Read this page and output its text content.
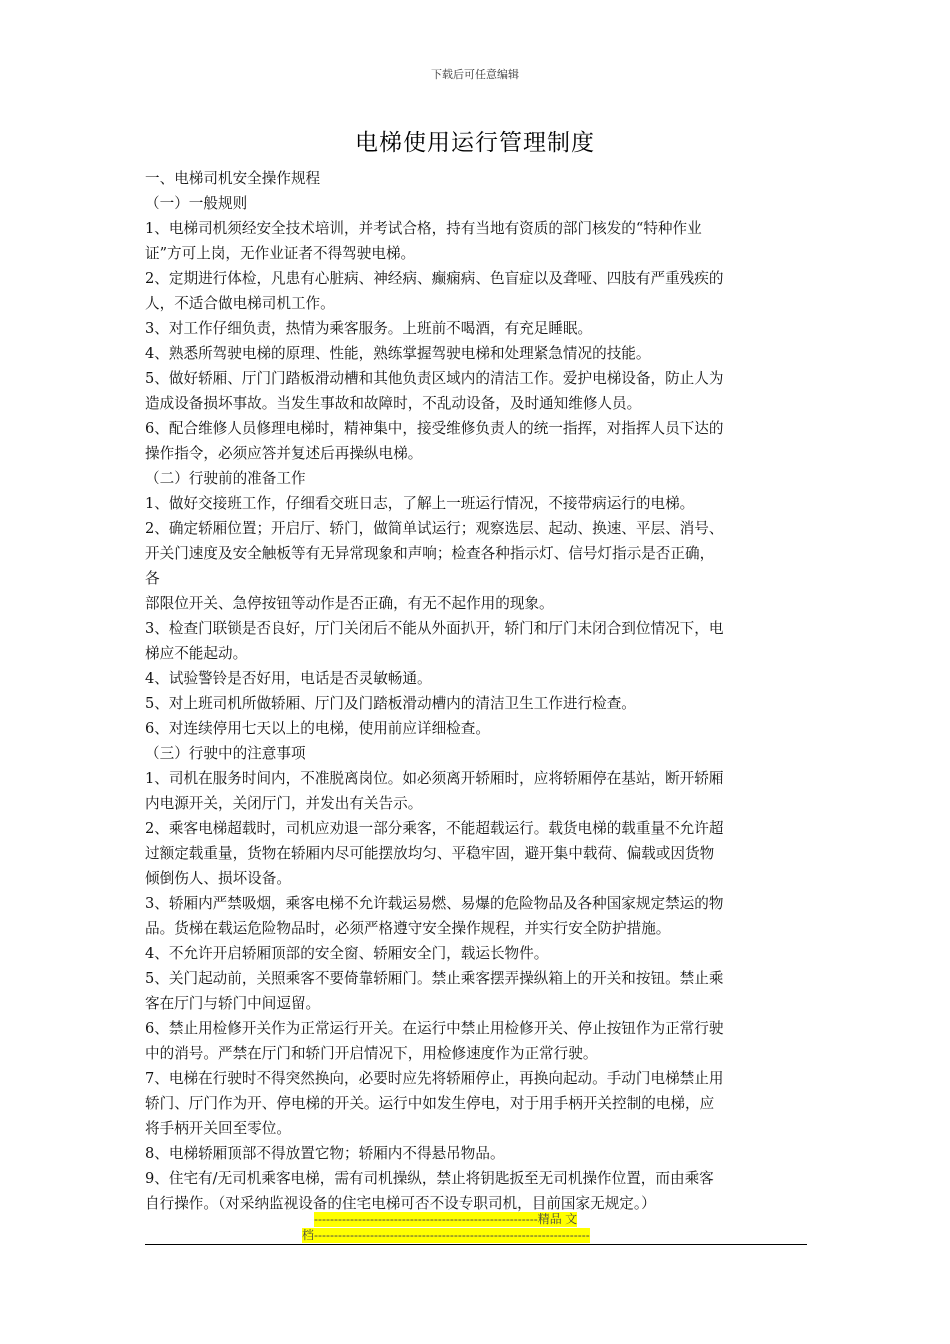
下载后可任意编辑
电梯使用运行管理制度
一、电梯司机安全操作规程
（一）一般规则
1、电梯司机须经安全技术培训，并考试合格，持有当地有资质的部门核发的“特种作业
证”方可上岗，无作业证者不得驾驶电梯。
2、定期进行体检，凡患有心脏病、神经病、癫痫病、色盲症以及聋哑、四肢有严重残疾的
人，不适合做电梯司机工作。
3、对工作仔细负责，热情为乘客服务。上班前不喝酒，有充足睡眠。
4、熟悉所驾驶电梯的原理、性能，熟练掌握驾驶电梯和处理紧急情况的技能。
5、做好轿厢、厅门门踏板滑动槽和其他负责区域内的清洁工作。爱护电梯设备，防止人为
造成设备损坏事故。当发生事故和故障时，不乱动设备，及时通知维修人员。
6、配合维修人员修理电梯时，精神集中，接受维修负责人的统一指挥，对指挥人员下达的
操作指令，必须应答并复述后再操纵电梯。
（二）行驶前的准备工作
1、做好交接班工作，仔细看交班日志，了解上一班运行情况，不接带病运行的电梯。
2、确定轿厢位置；开启厅、轿门，做简单试运行；观察选层、起动、换速、平层、消号、
开关门速度及安全触板等有无异常现象和声响；检查各种指示灯、信号灯指示是否正确，
各
部限位开关、急停按钮等动作是否正确，有无不起作用的现象。
3、检查门联锁是否良好，厅门关闭后不能从外面扒开，轿门和厅门未闭合到位情况下，电
梯应不能起动。
4、试验警铃是否好用，电话是否灵敏畅通。
5、对上班司机所做轿厢、厅门及门踏板滑动槽内的清洁卫生工作进行检查。
6、对连续停用七天以上的电梯，使用前应详细检查。
（三）行驶中的注意事项
1、司机在服务时间内，不准脱离岗位。如必须离开轿厢时，应将轿厢停在基站，断开轿厢
内电源开关，关闭厅门，并发出有关告示。
2、乘客电梯超载时，司机应劝退一部分乘客，不能超载运行。载货电梯的载重量不允许超
过额定载重量，货物在轿厢内尽可能摆放均匀、平稳牢固，避开集中载荷、偏载或因货物
倾倒伤人、损坏设备。
3、轿厢内严禁吸烟，乘客电梯不允许载运易燃、易爆的危险物品及各种国家规定禁运的物
品。货梯在载运危险物品时，必须严格遵守安全操作规程，并实行安全防护措施。
4、不允许开启轿厢顶部的安全窗、轿厢安全门，载运长物件。
5、关门起动前，关照乘客不要倚靠轿厢门。禁止乘客摆弄操纵箱上的开关和按钮。禁止乘
客在厅门与轿门中间逗留。
6、禁止用检修开关作为正常运行开关。在运行中禁止用检修开关、停止按钮作为正常行驶
中的消号。严禁在厅门和轿门开启情况下，用检修速度作为正常行驶。
7、电梯在行驶时不得突然换向，必要时应先将轿厢停止，再换向起动。手动门电梯禁止用
轿门、厅门作为开、停电梯的开关。运行中如发生停电，对于用手柄开关控制的电梯，应
将手柄开关回至零位。
8、电梯轿厢顶部不得放置它物；轿厢内不得悬吊物品。
9、住宅有/无司机乘客电梯，需有司机操纵，禁止将钥匙扳至无司机操作位置，而由乘客
自行操作。（对采纳监视设备的住宅电梯可否不设专职司机，目前国家无规定。）
--------------------------------------------------------精品 文
档---------------------------------------------------------------------
